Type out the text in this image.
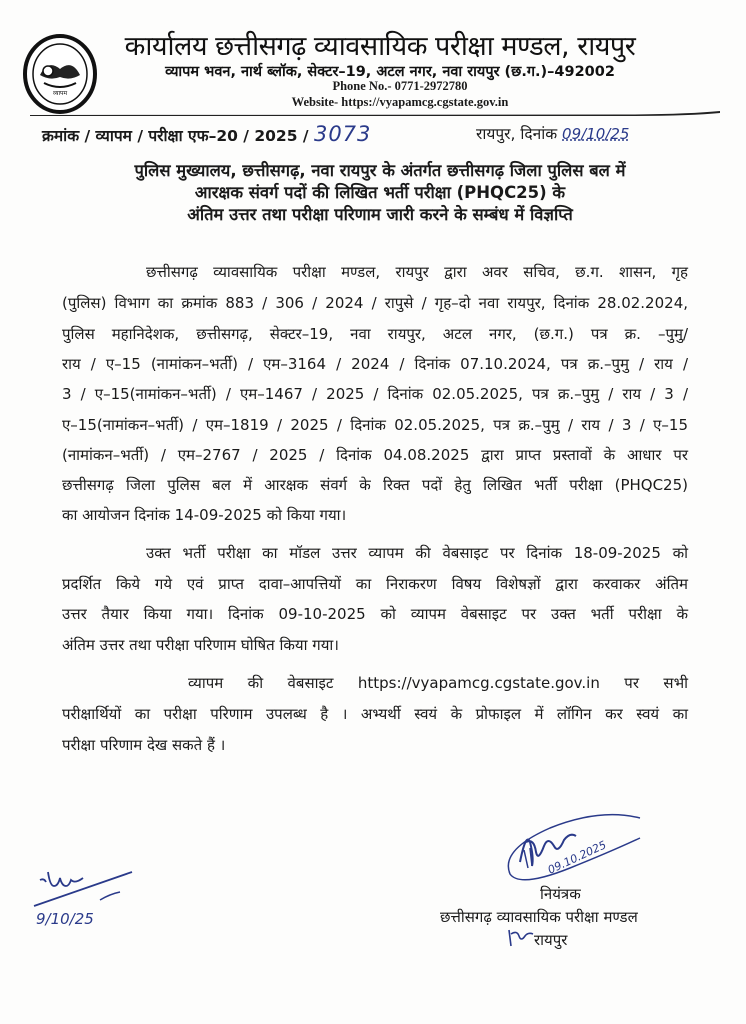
व्यापम
कार्यालय छत्तीसगढ़ व्यावसायिक परीक्षा मण्डल, रायपुर
व्यापम भवन, नार्थ ब्लॉक, सेक्टर–19, अटल नगर, नवा रायपुर (छ.ग.)–492002
Phone No.- 0771-2972780
Website- https://vyapamcg.cgstate.gov.in
क्रमांक / व्यापम / परीक्षा एफ–20 / 2025 / 3073	रायपुर, दिनांक 09/10/25
पुलिस मुख्यालय, छत्तीसगढ़, नवा रायपुर के अंतर्गत छत्तीसगढ़ जिला पुलिस बल में
आरक्षक संवर्ग पदों की लिखित भर्ती परीक्षा (PHQC25) के
अंतिम उत्तर तथा परीक्षा परिणाम जारी करने के सम्बंध में विज्ञप्ति
छत्तीसगढ़ व्यावसायिक परीक्षा मण्डल, रायपुर द्वारा अवर सचिव, छ.ग. शासन, गृह
(पुलिस) विभाग का क्रमांक 883 / 306 / 2024 / रापुसे / गृह–दो नवा रायपुर, दिनांक 28.02.2024,
पुलिस महानिदेशक, छत्तीसगढ़, सेक्टर–19, नवा रायपुर, अटल नगर, (छ.ग.) पत्र क्र. –पुमु/
राय / ए–15 (नामांकन–भर्ती) / एम–3164 / 2024 / दिनांक 07.10.2024, पत्र क्र.–पुमु / राय /
3 / ए–15(नामांकन–भर्ती) / एम–1467 / 2025 / दिनांक 02.05.2025, पत्र क्र.–पुमु / राय / 3 /
ए–15(नामांकन–भर्ती) / एम–1819 / 2025 / दिनांक 02.05.2025, पत्र क्र.–पुमु / राय / 3 / ए–15
(नामांकन–भर्ती) / एम–2767 / 2025 / दिनांक 04.08.2025 द्वारा प्राप्त प्रस्तावों के आधार पर
छत्तीसगढ़ जिला पुलिस बल में आरक्षक संवर्ग के रिक्त पदों हेतु लिखित भर्ती परीक्षा (PHQC25)
का आयोजन दिनांक 14-09-2025 को किया गया।
उक्त भर्ती परीक्षा का मॉडल उत्तर व्यापम की वेबसाइट पर दिनांक 18-09-2025 को
प्रदर्शित किये गये एवं प्राप्त दावा–आपत्तियों का निराकरण विषय विशेषज्ञों द्वारा करवाकर अंतिम
उत्तर तैयार किया गया। दिनांक 09-10-2025 को व्यापम वेबसाइट पर उक्त भर्ती परीक्षा के
अंतिम उत्तर तथा परीक्षा परिणाम घोषित किया गया।
व्यापम की वेबसाइट https://vyapamcg.cgstate.gov.in पर सभी
परीक्षार्थियों का परीक्षा परिणाम उपलब्ध है । अभ्यर्थी स्वयं के प्रोफाइल में लॉगिन कर स्वयं का
परीक्षा परिणाम देख सकते हैं ।
9/10/25
09.10.2025
नियंत्रक
छत्तीसगढ़ व्यावसायिक परीक्षा मण्डल
रायपुर
